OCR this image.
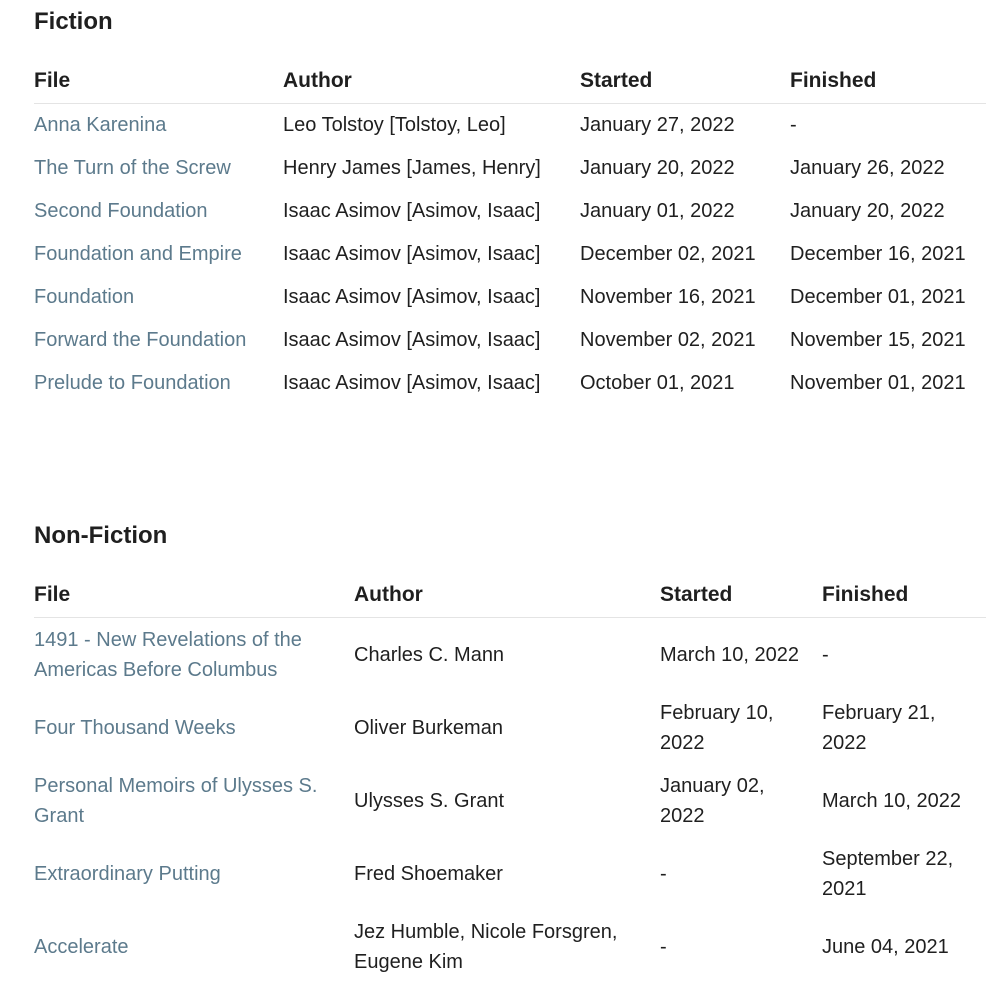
Fiction
File	Author	Started	Finished
Anna Karenina	Leo Tolstoy [Tolstoy, Leo]	January 27, 2022	-
The Turn of the Screw	Henry James [James, Henry]	January 20, 2022	January 26, 2022
Second Foundation	Isaac Asimov [Asimov, Isaac]	January 01, 2022	January 20, 2022
Foundation and Empire	Isaac Asimov [Asimov, Isaac]	December 02, 2021	December 16, 2021
Foundation	Isaac Asimov [Asimov, Isaac]	November 16, 2021	December 01, 2021
Forward the Foundation	Isaac Asimov [Asimov, Isaac]	November 02, 2021	November 15, 2021
Prelude to Foundation	Isaac Asimov [Asimov, Isaac]	October 01, 2021	November 01, 2021
Non-Fiction
File	Author	Started	Finished
1491 - New Revelations of the Americas Before Columbus	Charles C. Mann	March 10, 2022	-
Four Thousand Weeks	Oliver Burkeman	February 10, 2022	February 21, 2022
Personal Memoirs of Ulysses S. Grant	Ulysses S. Grant	January 02, 2022	March 10, 2022
Extraordinary Putting	Fred Shoemaker	-	September 22, 2021
Accelerate	Jez Humble, Nicole Forsgren, Eugene Kim	-	June 04, 2021
